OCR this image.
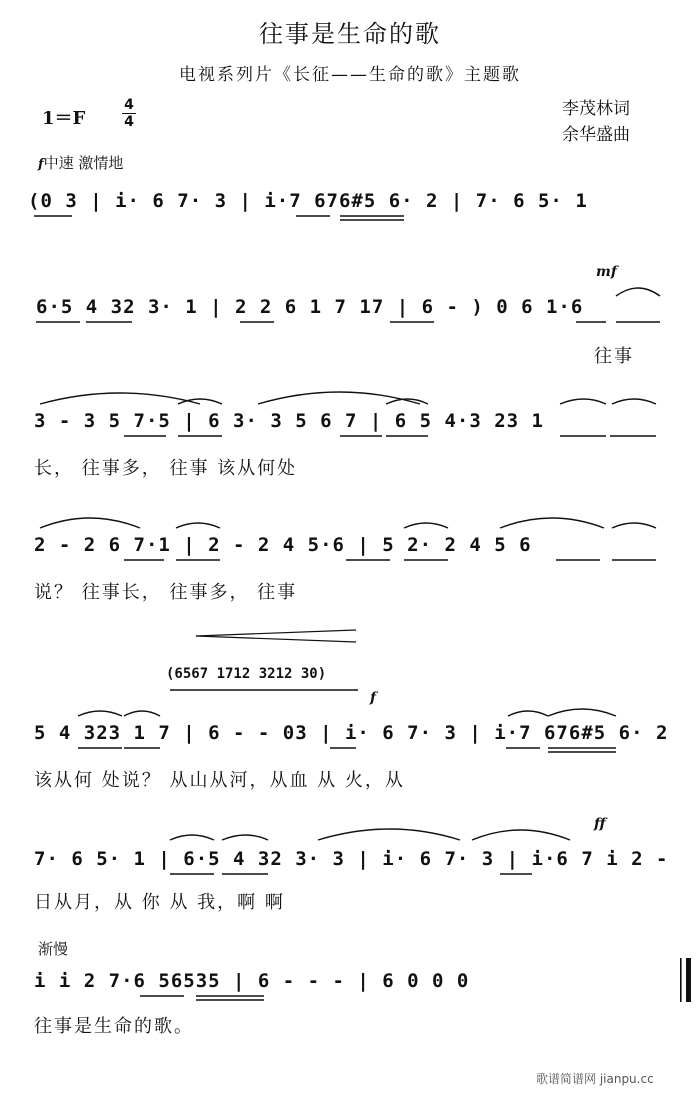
往事是生命的歌
电视系列片《长征——生命的歌》主题歌
1＝F
4
4
李茂林词
余华盛曲
f中速 激情地
(0 3 | i· 6 7· 3 | i·7 676#5 6· 2 | 7· 6 5· 1
mf
6·5 4 32 3· 1 | 2 2 6 1 7 17 | 6 - ) 0 6 1·6
往事
3 - 3 5 7·5 | 6 3· 3 5 6 7 | 6 5 4·3 23 1
长， 往事多， 往事 该从何处
2 - 2 6 7·1 | 2 - 2 4 5·6 | 5 2· 2 4 5 6
说？ 往事长， 往事多， 往事
(6567 1712 3212 30)
f
5 4 323 1 7 | 6 - - 03 | i· 6 7· 3 | i·7 676#5 6· 2
该从何 处说？ 从山从河，从血 从 火，从
ff
7· 6 5· 1 | 6·5 4 32 3· 3 | i· 6 7· 3 | i·6 7 i 2 -
日从月，从 你 从 我，啊 啊
渐慢
i i 2 7·6 56535 | 6 - - - | 6 0 0 0
往事是生命的歌。
歌谱简谱网 jianpu.cc
